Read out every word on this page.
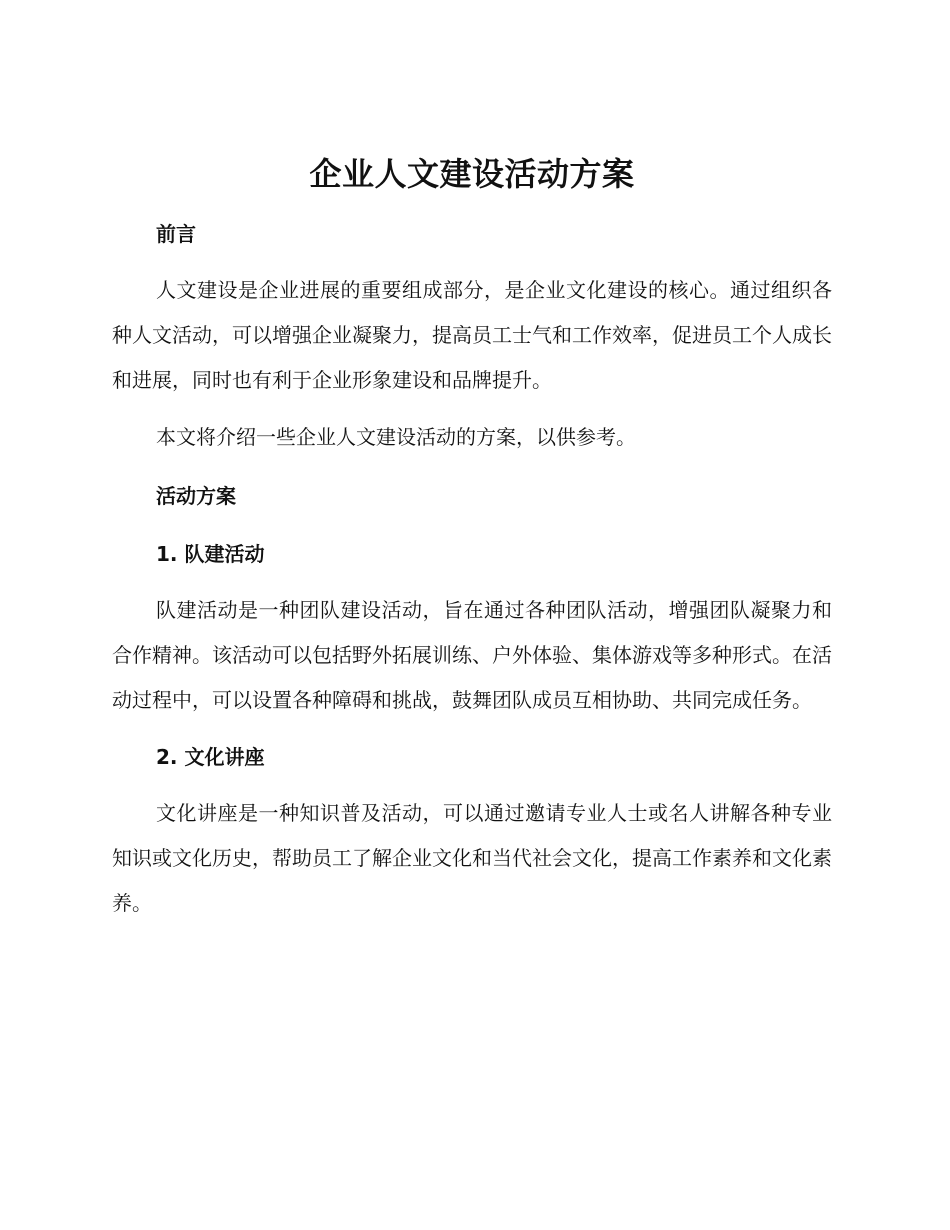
企业人文建设活动方案
前言

人文建设是企业进展的重要组成部分，是企业文化建设的核心。通过组织各种人文活动，可以增强企业凝聚力，提高员工士气和工作效率，促进员工个人成长和进展，同时也有利于企业形象建设和品牌提升。

本文将介绍一些企业人文建设活动的方案，以供参考。

活动方案
1. 队建活动

队建活动是一种团队建设活动，旨在通过各种团队活动，增强团队凝聚力和合作精神。该活动可以包括野外拓展训练、户外体验、集体游戏等多种形式。在活动过程中，可以设置各种障碍和挑战，鼓舞团队成员互相协助、共同完成任务。

2. 文化讲座

文化讲座是一种知识普及活动，可以通过邀请专业人士或名人讲解各种专业知识或文化历史，帮助员工了解企业文化和当代社会文化，提高工作素养和文化素养。
